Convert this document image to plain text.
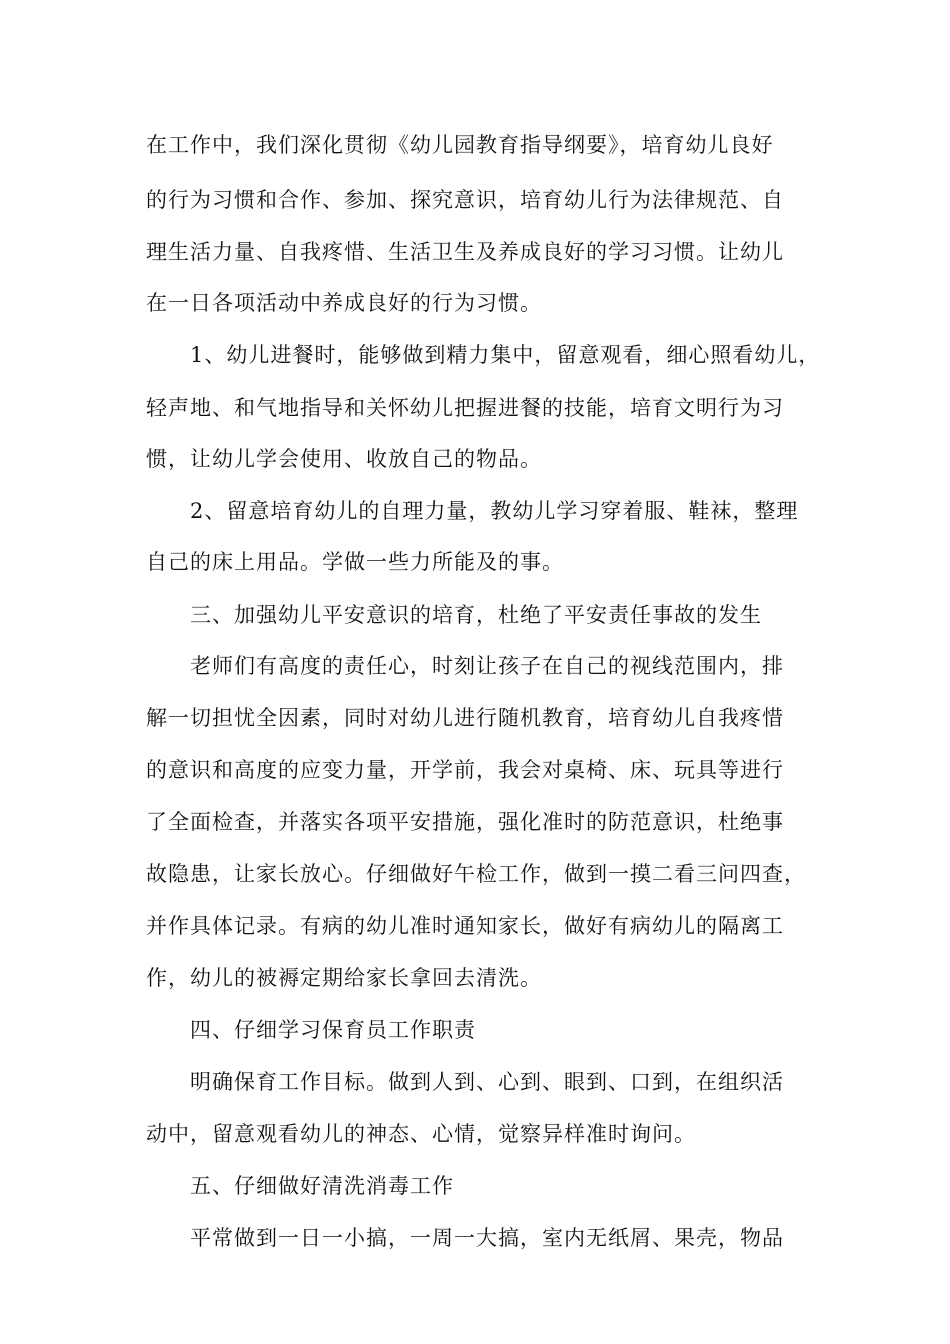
在工作中，我们深化贯彻《幼儿园教育指导纲要》，培育幼儿良好
的行为习惯和合作、参加、探究意识，培育幼儿行为法律规范、自
理生活力量、自我疼惜、生活卫生及养成良好的学习习惯。让幼儿
在一日各项活动中养成良好的行为习惯。
1、幼儿进餐时，能够做到精力集中，留意观看，细心照看幼儿，
轻声地、和气地指导和关怀幼儿把握进餐的技能，培育文明行为习
惯，让幼儿学会使用、收放自己的物品。
2、留意培育幼儿的自理力量，教幼儿学习穿着服、鞋袜，整理
自己的床上用品。学做一些力所能及的事。
三、加强幼儿平安意识的培育，杜绝了平安责任事故的发生
老师们有高度的责任心，时刻让孩子在自己的视线范围内，排
解一切担忧全因素，同时对幼儿进行随机教育，培育幼儿自我疼惜
的意识和高度的应变力量，开学前，我会对桌椅、床、玩具等进行
了全面检查，并落实各项平安措施，强化准时的防范意识，杜绝事
故隐患，让家长放心。仔细做好午检工作，做到一摸二看三问四查，
并作具体记录。有病的幼儿准时通知家长，做好有病幼儿的隔离工
作，幼儿的被褥定期给家长拿回去清洗。
四、仔细学习保育员工作职责
明确保育工作目标。做到人到、心到、眼到、口到，在组织活
动中，留意观看幼儿的神态、心情，觉察异样准时询问。
五、仔细做好清洗消毒工作
平常做到一日一小搞，一周一大搞，室内无纸屑、果壳，物品
